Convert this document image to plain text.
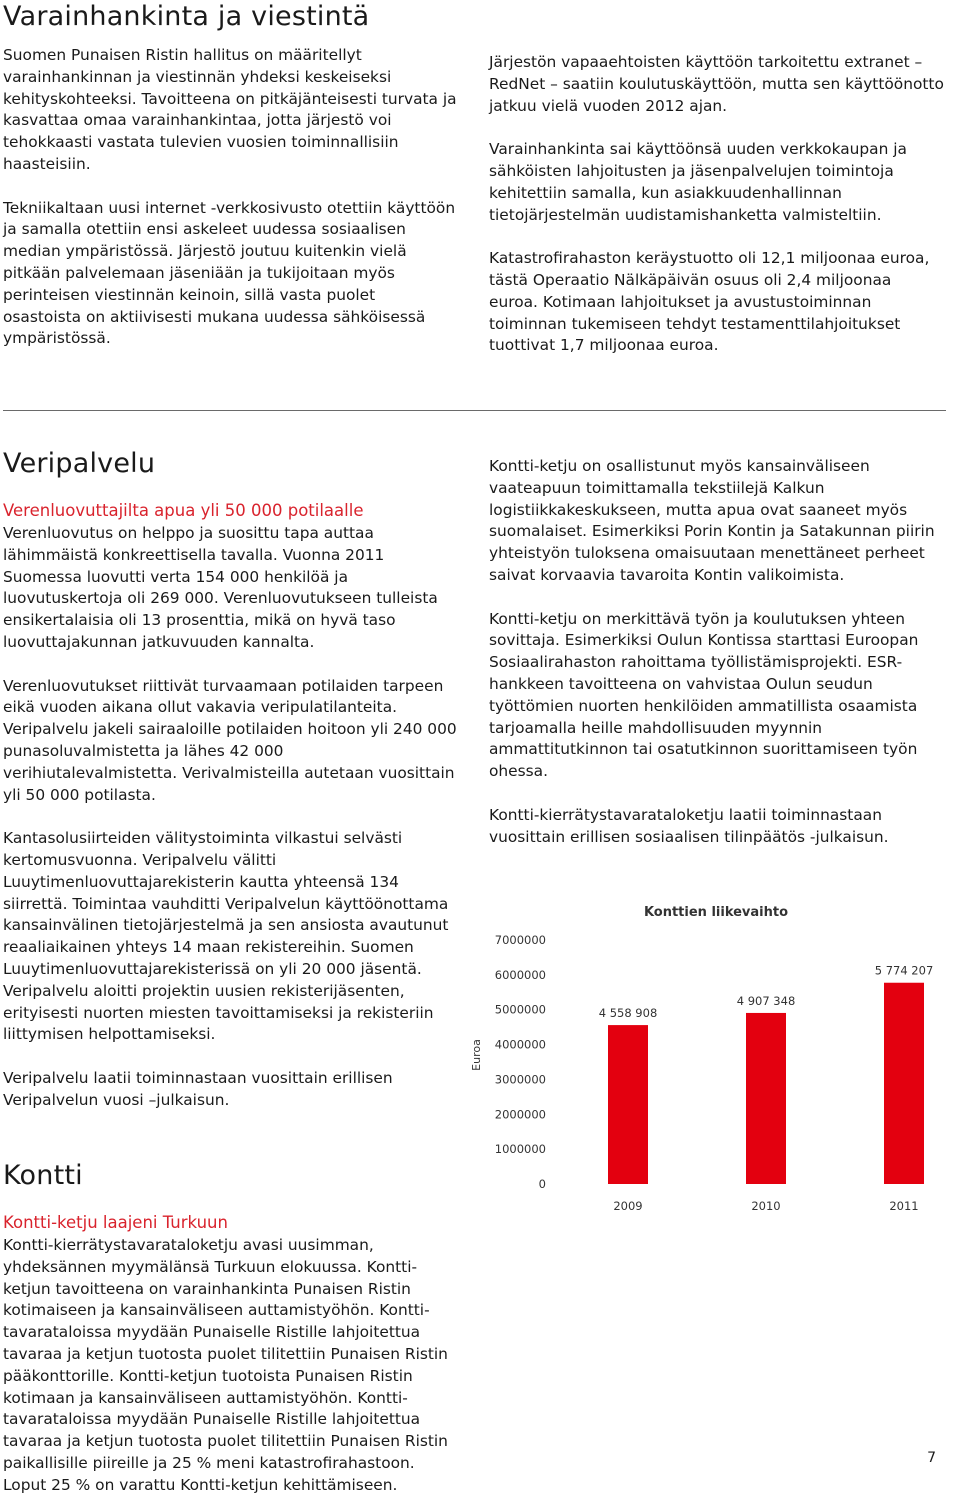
Varainhankinta ja viestintä

Suomen Punaisen Ristin hallitus on määritellyt varainhankinnan ja viestinnän yhdeksi keskeiseksi kehityskohteeksi. Tavoitteena on pitkäjänteisesti turvata ja kasvattaa omaa varainhankintaa, jotta järjestö voi tehokkaasti vastata tulevien vuosien toiminnallisiin haasteisiin.

Tekniikaltaan uusi internet -verkkosivusto otettiin käyttöön ja samalla otettiin ensi askeleet uudessa sosiaalisen median ympäristössä. Järjestö joutuu kuitenkin vielä pitkään palvelemaan jäseniään ja tukijoitaan myös perinteisen viestinnän keinoin, sillä vasta puolet osastoista on aktiivisesti mukana uudessa sähköisessä ympäristössä.

Järjestön vapaaehtoisten käyttöön tarkoitettu extranet – RedNet – saatiin koulutuskäyttöön, mutta sen käyttöönotto jatkuu vielä vuoden 2012 ajan.

Varainhankinta sai käyttöönsä uuden verkkokaupan ja sähköisten lahjoitusten ja jäsenpalvelujen toimintoja kehitettiin samalla, kun asiakkuudenhallinnan tietojärjestelmän uudistamishanketta valmisteltiin.

Katastrofirahaston keräystuotto oli 12,1 miljoonaa euroa, tästä Operaatio Nälkäpäivän osuus oli 2,4 miljoonaa euroa. Kotimaan lahjoitukset ja avustustoiminnan toiminnan tukemiseen tehdyt testamenttilahjoitukset tuottivat 1,7 miljoonaa euroa.

Veripalvelu
Verenluovuttajilta apua yli 50 000 potilaalle

Verenluovutus on helppo ja suosittu tapa auttaa lähimmäistä konkreettisella tavalla. Vuonna 2011 Suomessa luovutti verta 154 000 henkilöä ja luovutuskertoja oli 269 000. Verenluovutukseen tulleista ensikertalaisia oli 13 prosenttia, mikä on hyvä taso luovuttajakunnan jatkuvuuden kannalta.

Verenluovutukset riittivät turvaamaan potilaiden tarpeen eikä vuoden aikana ollut vakavia veripulatilanteita. Veripalvelu jakeli sairaaloille potilaiden hoitoon yli 240 000 punasoluvalmistetta ja lähes 42 000 verihiutalevalmistetta. Verivalmisteilla autetaan vuosittain yli 50 000 potilasta.

Kantasolusiirteiden välitystoiminta vilkastui selvästi kertomusvuonna. Veripalvelu välitti Luuytimenluovuttajarekisterin kautta yhteensä 134 siirrettä. Toimintaa vauhditti Veripalvelun käyttöönottama kansainvälinen tietojärjestelmä ja sen ansiosta avautunut reaaliaikainen yhteys 14 maan rekistereihin. Suomen Luuytimenluovuttajarekisterissä on yli 20 000 jäsentä. Veripalvelu aloitti projektin uusien rekisterijäsenten, erityisesti nuorten miesten tavoittamiseksi ja rekisteriin liittymisen helpottamiseksi.

Veripalvelu laatii toiminnastaan vuosittain erillisen Veripalvelun vuosi –julkaisun.

Kontti
Kontti-ketju laajeni Turkuun

Kontti-kierrätystavarataloketju avasi uusimman, yhdeksännen myymälänsä Turkuun elokuussa. Kontti-ketjun tavoitteena on varainhankinta Punaisen Ristin kotimaiseen ja kansainväliseen auttamistyöhön. Kontti-tavarataloissa myydään Punaiselle Ristille lahjoitettua tavaraa ja ketjun tuotosta puolet tilitettiin Punaisen Ristin pääkonttorille. Kontti-ketjun tuotoista Punaisen Ristin kotimaan ja kansainväliseen auttamistyöhön. Kontti-tavarataloissa myydään Punaiselle Ristille lahjoitettua tavaraa ja ketjun tuotosta puolet tilitettiin Punaisen Ristin paikallisille piireille ja 25 % meni katastrofirahastoon. Loput 25 % on varattu Kontti-ketjun kehittämiseen.

Kontti-ketju on osallistunut myös kansainväliseen vaateapuun toimittamalla tekstiilejä Kalkun logistiikkakeskukseen, mutta apua ovat saaneet myös suomalaiset. Esimerkiksi Porin Kontin ja Satakunnan piirin yhteistyön tuloksena omaisuutaan menettäneet perheet saivat korvaavia tavaroita Kontin valikoimista.

Kontti-ketju on merkittävä työn ja koulutuksen yhteen sovittaja. Esimerkiksi Oulun Kontissa starttasi Euroopan Sosiaalirahaston rahoittama työllistämisprojekti. ESR-hankkeen tavoitteena on vahvistaa Oulun seudun työttömien nuorten henkilöiden ammatillista osaamista tarjoamalla heille mahdollisuuden myynnin ammattitutkinnon tai osatutkinnon suorittamiseen työn ohessa.

Kontti-kierrätystavarataloketju laatii toiminnastaan vuosittain erillisen sosiaalisen tilinpäätös -julkaisun.

Konttien liikevaihto
Euroa
0
1000000
2000000
3000000
4000000
5000000
6000000
7000000
4 558 908
4 907 348
5 774 207
2009	2010	2011
7
